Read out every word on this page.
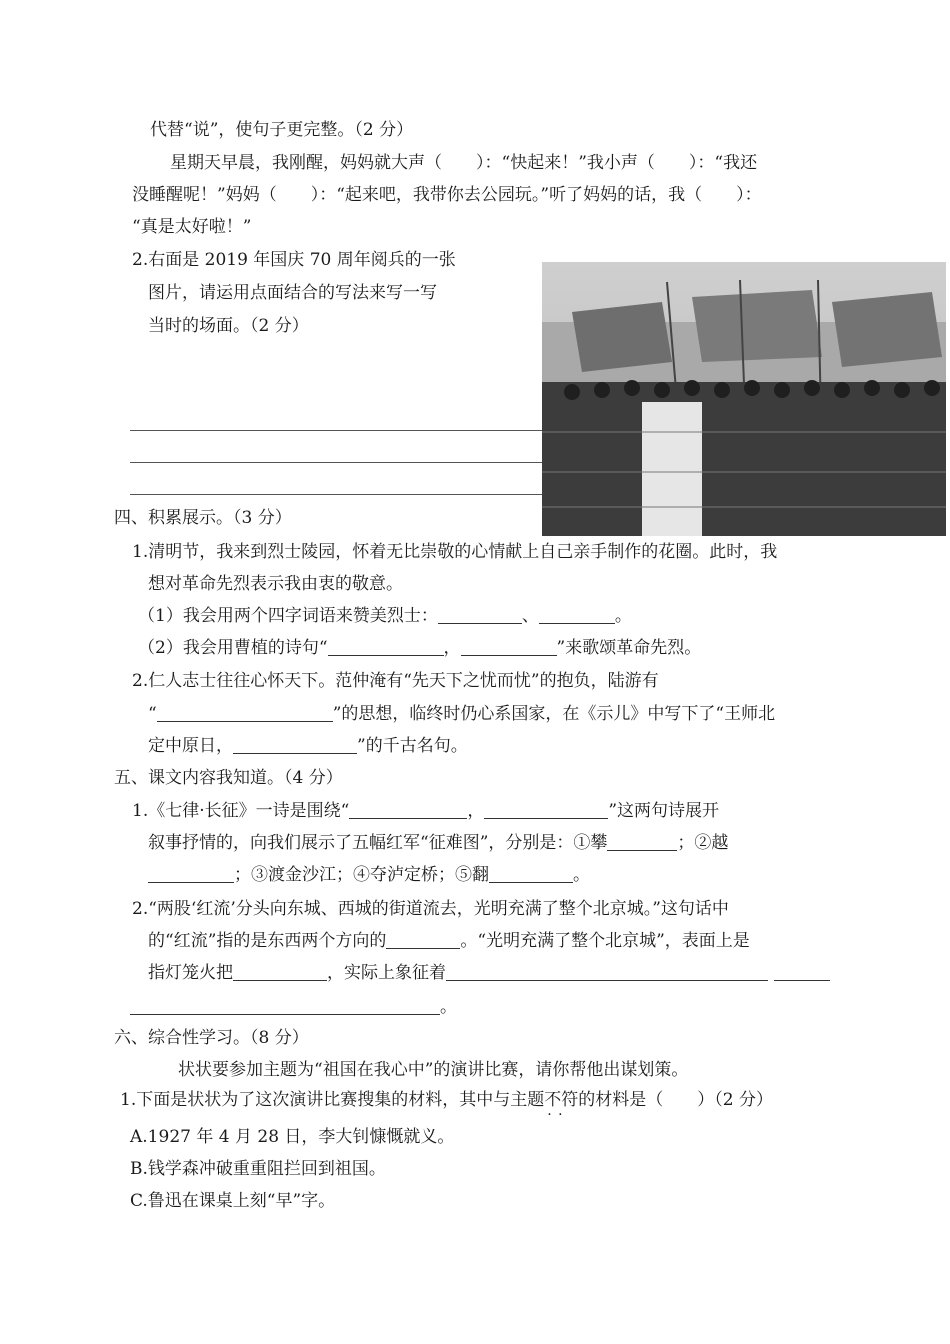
代替“说”，使句子更完整。（2 分）
星期天早晨，我刚醒，妈妈就大声（　　）：“快起来！”我小声（　　）：“我还
没睡醒呢！”妈妈（　　）：“起来吧，我带你去公园玩。”听了妈妈的话，我（　　）：
“真是太好啦！”
2.右面是 2019 年国庆 70 周年阅兵的一张
图片，请运用点面结合的写法来写一写
当时的场面。（2 分）
四、积累展示。（3 分）
1.清明节，我来到烈士陵园，怀着无比崇敬的心情献上自己亲手制作的花圈。此时，我
想对革命先烈表示我由衷的敬意。
（1）我会用两个四字词语来赞美烈士：	、	。
（2）我会用曹植的诗句“	，	”来歌颂革命先烈。
2.仁人志士往往心怀天下。范仲淹有“先天下之忧而忧”的抱负，陆游有
“	”的思想，临终时仍心系国家，在《示儿》中写下了“王师北
定中原日，	”的千古名句。
五、课文内容我知道。（4 分）
1.《七律·长征》一诗是围绕“	，	”这两句诗展开
叙事抒情的，向我们展示了五幅红军“征难图”，分别是：①攀	；②越
；③渡金沙江；④夺泸定桥；⑤翻	。
2.“两股‘红流’分头向东城、西城的街道流去，光明充满了整个北京城。”这句话中
的“红流”指的是东西两个方向的	。“光明充满了整个北京城”，表面上是
指灯笼火把	，实际上象征着
。
六、综合性学习。（8 分）
状状要参加主题为“祖国在我心中”的演讲比赛，请你帮他出谋划策。
1.下面是状状为了这次演讲比赛搜集的材料，其中与主题不符 · ·的材料是（　　）（2 分）
A.1927 年 4 月 28 日，李大钊慷慨就义。
B.钱学森冲破重重阻拦回到祖国。
C.鲁迅在课桌上刻“早”字。
